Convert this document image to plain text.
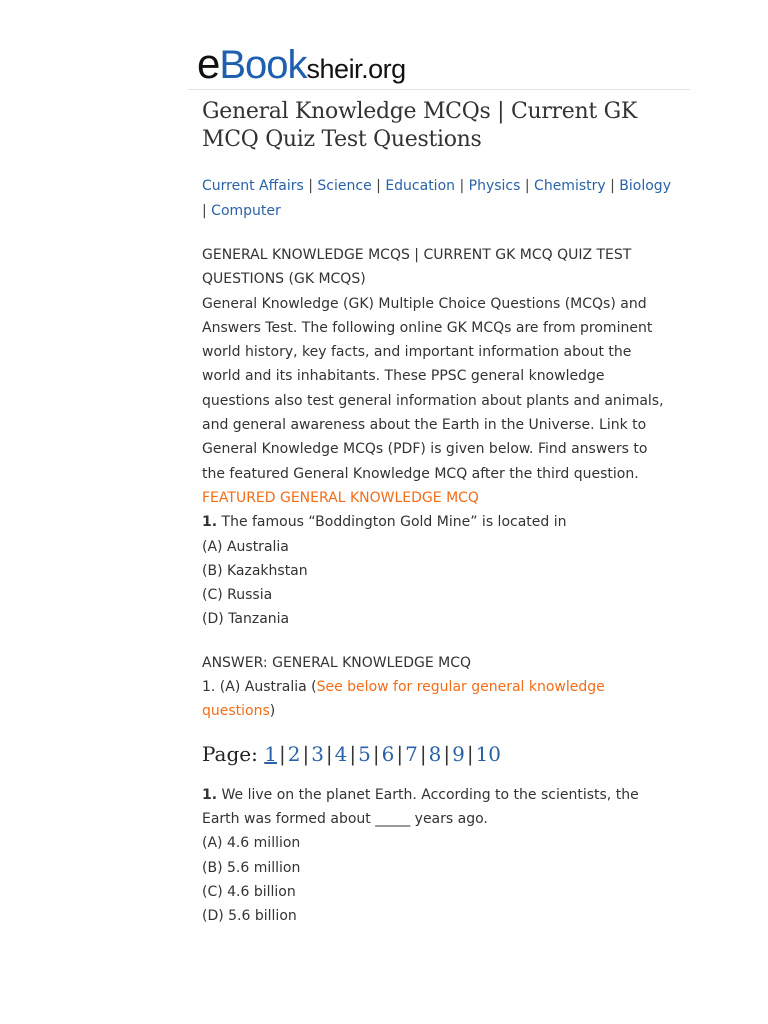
eBooksheir.org
General Knowledge MCQs | Current GK MCQ Quiz Test Questions
Current Affairs | Science | Education | Physics | Chemistry | Biology | Computer
GENERAL KNOWLEDGE MCQS | CURRENT GK MCQ QUIZ TEST QUESTIONS (GK MCQS)
General Knowledge (GK) Multiple Choice Questions (MCQs) and Answers Test. The following online GK MCQs are from prominent world history, key facts, and important information about the world and its inhabitants. These PPSC general knowledge questions also test general information about plants and animals, and general awareness about the Earth in the Universe. Link to General Knowledge MCQs (PDF) is given below. Find answers to the featured General Knowledge MCQ after the third question.
FEATURED GENERAL KNOWLEDGE MCQ
1. The famous “Boddington Gold Mine” is located in
(A) Australia
(B) Kazakhstan
(C) Russia
(D) Tanzania
ANSWER: GENERAL KNOWLEDGE MCQ
1. (A) Australia (See below for regular general knowledge questions)
Page: 1 | 2 | 3 | 4 | 5 | 6 | 7 | 8 | 9 | 10
1. We live on the planet Earth. According to the scientists, the Earth was formed about _____ years ago.
(A) 4.6 million
(B) 5.6 million
(C) 4.6 billion
(D) 5.6 billion
